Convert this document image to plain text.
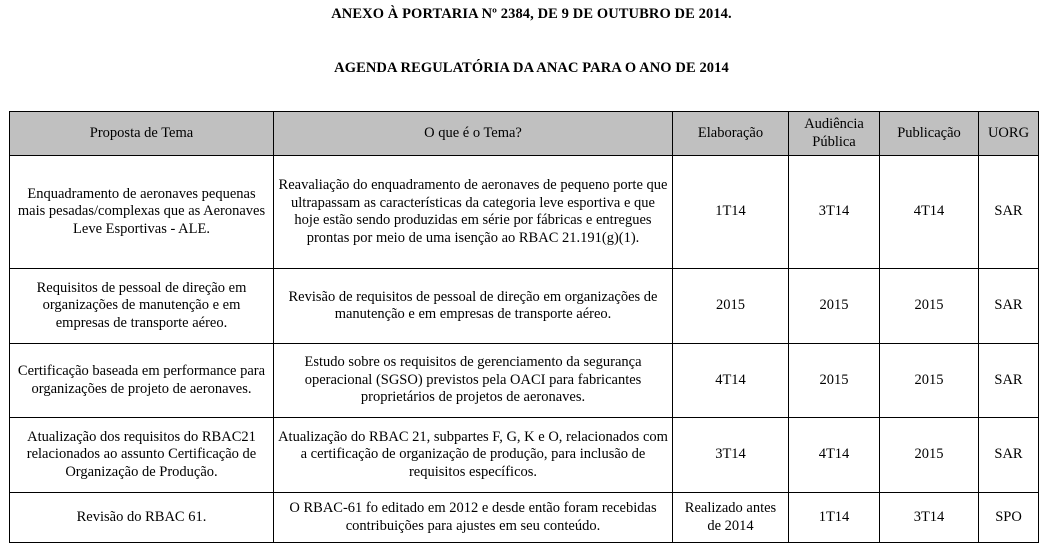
ANEXO À PORTARIA Nº 2384, DE 9 DE OUTUBRO DE 2014.
AGENDA REGULATÓRIA DA ANAC PARA O ANO DE 2014
Proposta de Tema	O que é o Tema?	Elaboração	Audiência Pública	Publicação	UORG
Enquadramento de aeronaves pequenas mais pesadas/complexas que as Aeronaves Leve Esportivas - ALE.	Reavaliação do enquadramento de aeronaves de pequeno porte que ultrapassam as características da categoria leve esportiva e que hoje estão sendo produzidas em série por fábricas e entregues prontas por meio de uma isenção ao RBAC 21.191(g)(1).	1T14	3T14	4T14	SAR
Requisitos de pessoal de direção em organizações de manutenção e em empresas de transporte aéreo.	Revisão de requisitos de pessoal de direção em organizações de manutenção e em empresas de transporte aéreo.	2015	2015	2015	SAR
Certificação baseada em performance para organizações de projeto de aeronaves.	Estudo sobre os requisitos de gerenciamento da segurança operacional (SGSO) previstos pela OACI para fabricantes proprietários de projetos de aeronaves.	4T14	2015	2015	SAR
Atualização dos requisitos do RBAC21 relacionados ao assunto Certificação de Organização de Produção.	Atualização do RBAC 21, subpartes F, G, K e O, relacionados com a certificação de organização de produção, para inclusão de requisitos específicos.	3T14	4T14	2015	SAR
Revisão do RBAC 61.	O RBAC-61 fo editado em 2012 e desde então foram recebidas contribuições para ajustes em seu conteúdo.	Realizado antes de 2014	1T14	3T14	SPO
